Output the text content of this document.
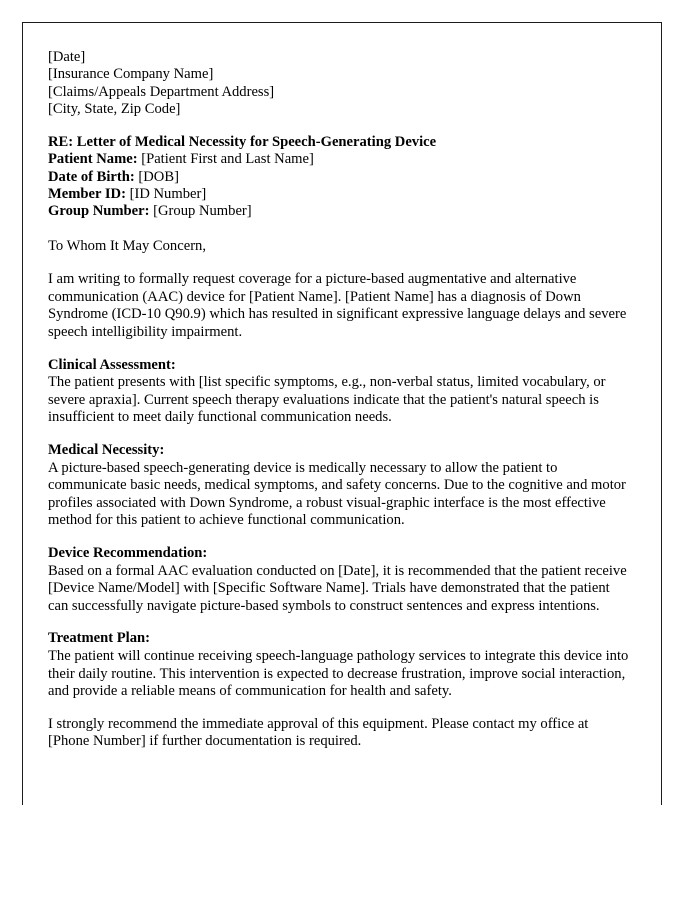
[Date]
[Insurance Company Name]
[Claims/Appeals Department Address]
[City, State, Zip Code]
RE: Letter of Medical Necessity for Speech-Generating Device
Patient Name: [Patient First and Last Name]
Date of Birth: [DOB]
Member ID: [ID Number]
Group Number: [Group Number]
To Whom It May Concern,
I am writing to formally request coverage for a picture-based augmentative and alternative communication (AAC) device for [Patient Name]. [Patient Name] has a diagnosis of Down Syndrome (ICD-10 Q90.9) which has resulted in significant expressive language delays and severe speech intelligibility impairment.
Clinical Assessment:
The patient presents with [list specific symptoms, e.g., non-verbal status, limited vocabulary, or severe apraxia]. Current speech therapy evaluations indicate that the patient's natural speech is insufficient to meet daily functional communication needs.
Medical Necessity:
A picture-based speech-generating device is medically necessary to allow the patient to communicate basic needs, medical symptoms, and safety concerns. Due to the cognitive and motor profiles associated with Down Syndrome, a robust visual-graphic interface is the most effective method for this patient to achieve functional communication.
Device Recommendation:
Based on a formal AAC evaluation conducted on [Date], it is recommended that the patient receive [Device Name/Model] with [Specific Software Name]. Trials have demonstrated that the patient can successfully navigate picture-based symbols to construct sentences and express intentions.
Treatment Plan:
The patient will continue receiving speech-language pathology services to integrate this device into their daily routine. This intervention is expected to decrease frustration, improve social interaction, and provide a reliable means of communication for health and safety.
I strongly recommend the immediate approval of this equipment. Please contact my office at [Phone Number] if further documentation is required.
